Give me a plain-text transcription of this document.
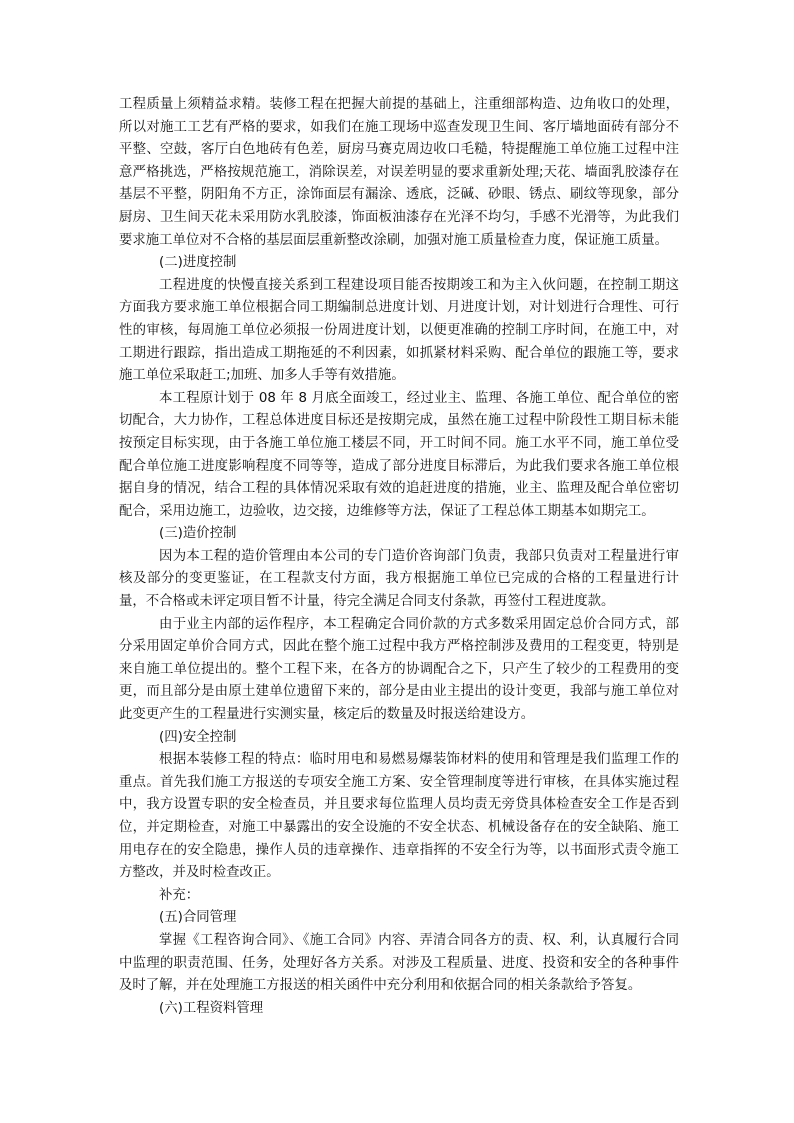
工程质量上须精益求精。装修工程在把握大前提的基础上，注重细部构造、边角收口的处理，所以对施工工艺有严格的要求，如我们在施工现场中巡查发现卫生间、客厅墙地面砖有部分不平整、空鼓，客厅白色地砖有色差，厨房马赛克周边收口毛糙，特提醒施工单位施工过程中注意严格挑选，严格按规范施工，消除误差，对误差明显的要求重新处理;天花、墙面乳胶漆存在基层不平整，阴阳角不方正，涂饰面层有漏涂、透底，泛碱、砂眼、锈点、刷纹等现象，部分厨房、卫生间天花未采用防水乳胶漆，饰面板油漆存在光泽不均匀，手感不光滑等，为此我们要求施工单位对不合格的基层面层重新整改涂刷，加强对施工质量检查力度，保证施工质量。

(二)进度控制

工程进度的快慢直接关系到工程建设项目能否按期竣工和为主入伙问题，在控制工期这方面我方要求施工单位根据合同工期编制总进度计划、月进度计划，对计划进行合理性、可行性的审核，每周施工单位必须报一份周进度计划，以便更准确的控制工序时间，在施工中，对工期进行跟踪，指出造成工期拖延的不利因素，如抓紧材料采购、配合单位的跟施工等，要求施工单位采取赶工;加班、加多人手等有效措施。

本工程原计划于 08 年 8 月底全面竣工，经过业主、监理、各施工单位、配合单位的密切配合，大力协作，工程总体进度目标还是按期完成，虽然在施工过程中阶段性工期目标未能按预定目标实现，由于各施工单位施工楼层不同，开工时间不同。施工水平不同，施工单位受配合单位施工进度影响程度不同等等，造成了部分进度目标滞后，为此我们要求各施工单位根据自身的情况，结合工程的具体情况采取有效的追赶进度的措施，业主、监理及配合单位密切配合，采用边施工，边验收，边交接，边维修等方法，保证了工程总体工期基本如期完工。

(三)造价控制

因为本工程的造价管理由本公司的专门造价咨询部门负责，我部只负责对工程量进行审核及部分的变更鉴证，在工程款支付方面，我方根据施工单位已完成的合格的工程量进行计量，不合格或未评定项目暂不计量，待完全满足合同支付条款，再签付工程进度款。

由于业主内部的运作程序，本工程确定合同价款的方式多数采用固定总价合同方式，部分采用固定单价合同方式，因此在整个施工过程中我方严格控制涉及费用的工程变更，特别是来自施工单位提出的。整个工程下来，在各方的协调配合之下，只产生了较少的工程费用的变更，而且部分是由原土建单位遗留下来的，部分是由业主提出的设计变更，我部与施工单位对此变更产生的工程量进行实测实量，核定后的数量及时报送给建设方。

(四)安全控制

根据本装修工程的特点：临时用电和易燃易爆装饰材料的使用和管理是我们监理工作的重点。首先我们施工方报送的专项安全施工方案、安全管理制度等进行审核，在具体实施过程中，我方设置专职的安全检查员，并且要求每位监理人员均责无旁贷具体检查安全工作是否到位，并定期检查，对施工中暴露出的安全设施的不安全状态、机械设备存在的安全缺陷、施工用电存在的安全隐患，操作人员的违章操作、违章指挥的不安全行为等，以书面形式责令施工方整改，并及时检查改正。

补充：

(五)合同管理

掌握《工程咨询合同》、《施工合同》内容、弄清合同各方的责、权、利，认真履行合同中监理的职责范围、任务，处理好各方关系。对涉及工程质量、进度、投资和安全的各种事件及时了解，并在处理施工方报送的相关函件中充分利用和依据合同的相关条款给予答复。

(六)工程资料管理
